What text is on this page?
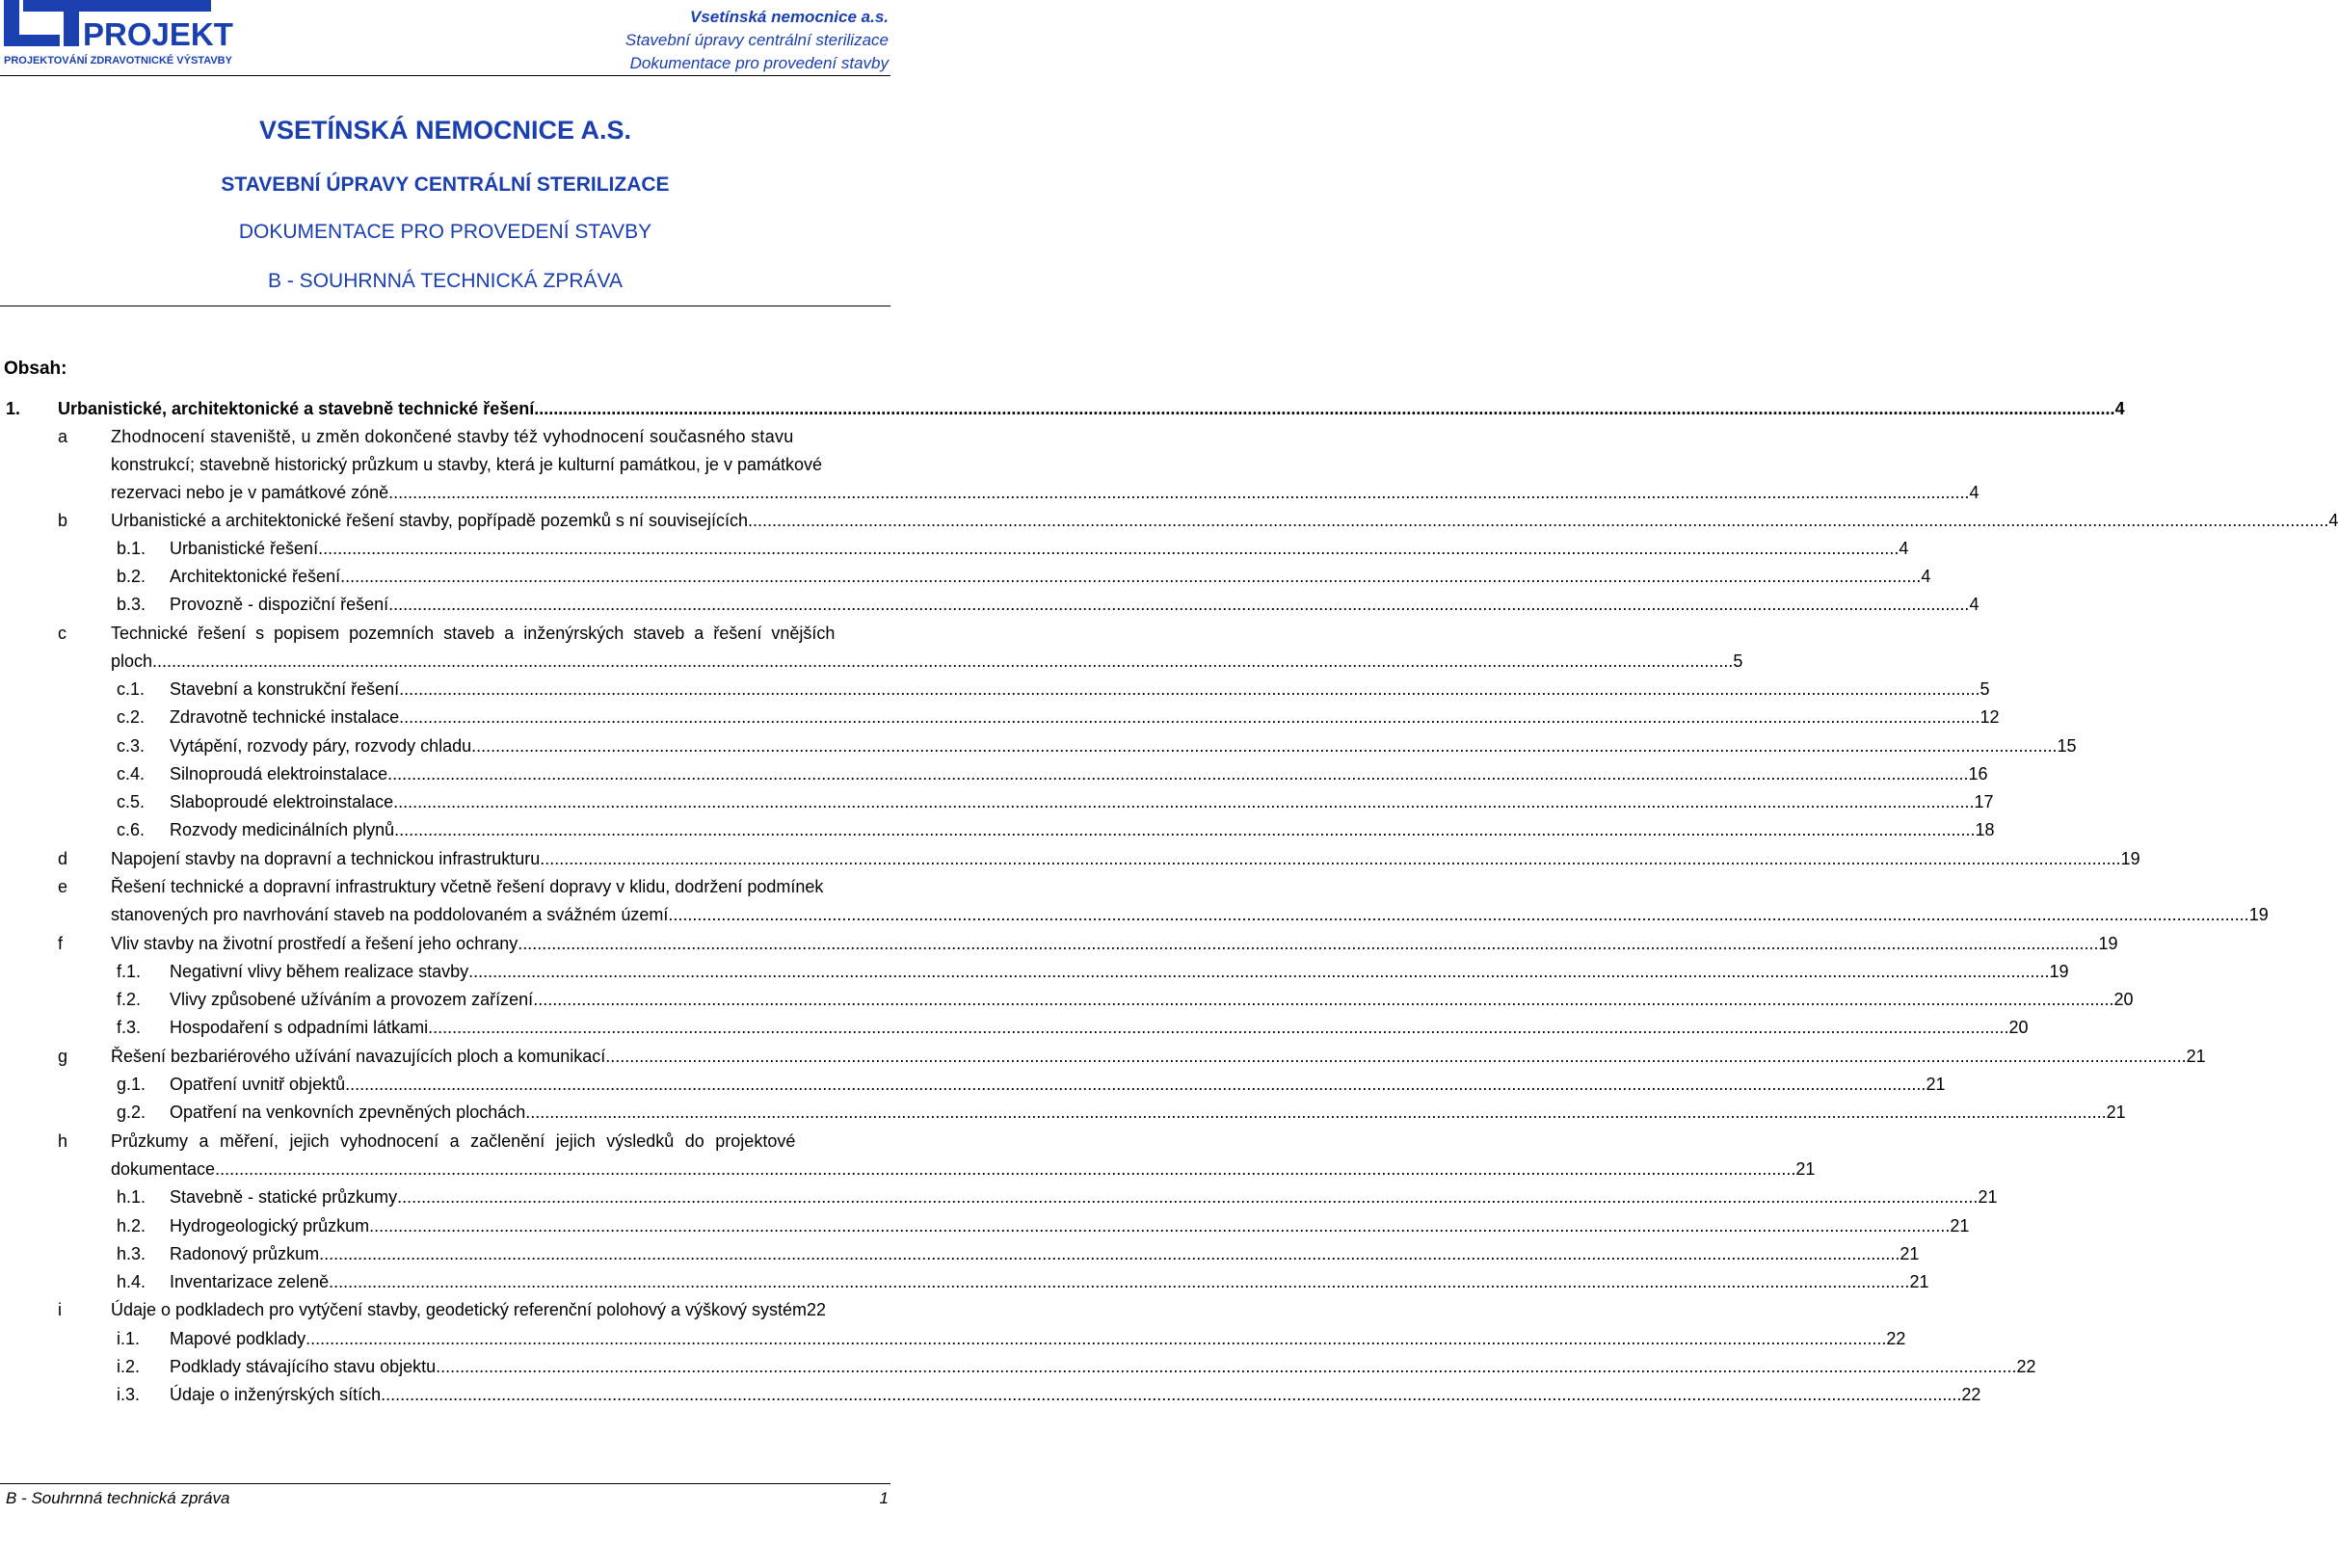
PROJEKT
PROJEKTOVÁNÍ ZDRAVOTNICKÉ VÝSTAVBY
Vsetínská nemocnice a.s.
Stavební úpravy centrální sterilizace
Dokumentace pro provedení stavby
VSETÍNSKÁ NEMOCNICE A.S.
STAVEBNÍ ÚPRAVY CENTRÁLNÍ STERILIZACE
DOKUMENTACE PRO PROVEDENÍ STAVBY
B - SOUHRNNÁ TECHNICKÁ ZPRÁVA
Obsah:
1. Urbanistické, architektonické a stavebně technické řešení .....	4
a Zhodnocení staveniště, u změn dokončené stavby též vyhodnocení současného stavu
konstrukcí; stavebně historický průzkum u stavby, která je kulturní památkou, je v památkové
rezervaci nebo je v památkové zóně .....	4
b Urbanistické a architektonické řešení stavby, popřípadě pozemků s ní souvisejících .....	4
b.1. Urbanistické řešení .....	4
b.2. Architektonické řešení .....	4
b.3. Provozně - dispoziční řešení .....	4
c	Technické řešení s popisem pozemních staveb a inženýrských staveb a řešení vnějších
ploch .....	5
c.1. Stavební a konstrukční řešení .....	5
c.2. Zdravotně technické instalace .....	12
c.3. Vytápění, rozvody páry, rozvody chladu. .....	15
c.4. Silnoproudá elektroinstalace .....	16
c.5. Slaboproudé elektroinstalace .....	17
c.6. Rozvody medicinálních plynů .....	18
d Napojení stavby na dopravní a technickou infrastrukturu .....	19
e Řešení technické a dopravní infrastruktury včetně řešení dopravy v klidu, dodržení podmínek
stanovených pro navrhování staveb na poddolovaném a svážném území .....	19
f	Vliv stavby na životní prostředí a řešení jeho ochrany .....	19
f.1. Negativní vlivy během realizace stavby .....	19
f.2. Vlivy způsobené užíváním a provozem zařízení .....	20
f.3. Hospodaření s odpadními látkami .....	20
g Řešení bezbariérového užívání navazujících ploch a komunikací .....	21
g.1. Opatření uvnitř objektů .....	21
g.2. Opatření na venkovních zpevněných plochách .....	21
h Průzkumy a měření, jejich vyhodnocení a začlenění jejich výsledků do projektové
dokumentace .....	21
h.1. Stavebně - statické průzkumy .....	21
h.2. Hydrogeologický průzkum .....	21
h.3. Radonový průzkum .....	21
h.4. Inventarizace zeleně .....	21
i	Údaje o podkladech pro vytýčení stavby, geodetický referenční polohový a výškový systém 22
i.1. Mapové podklady .....	22
i.2. Podklady stávajícího stavu objektu .....	22
i.3. Údaje o inženýrských sítích .....	22
B - Souhrnná technická zpráva	1
